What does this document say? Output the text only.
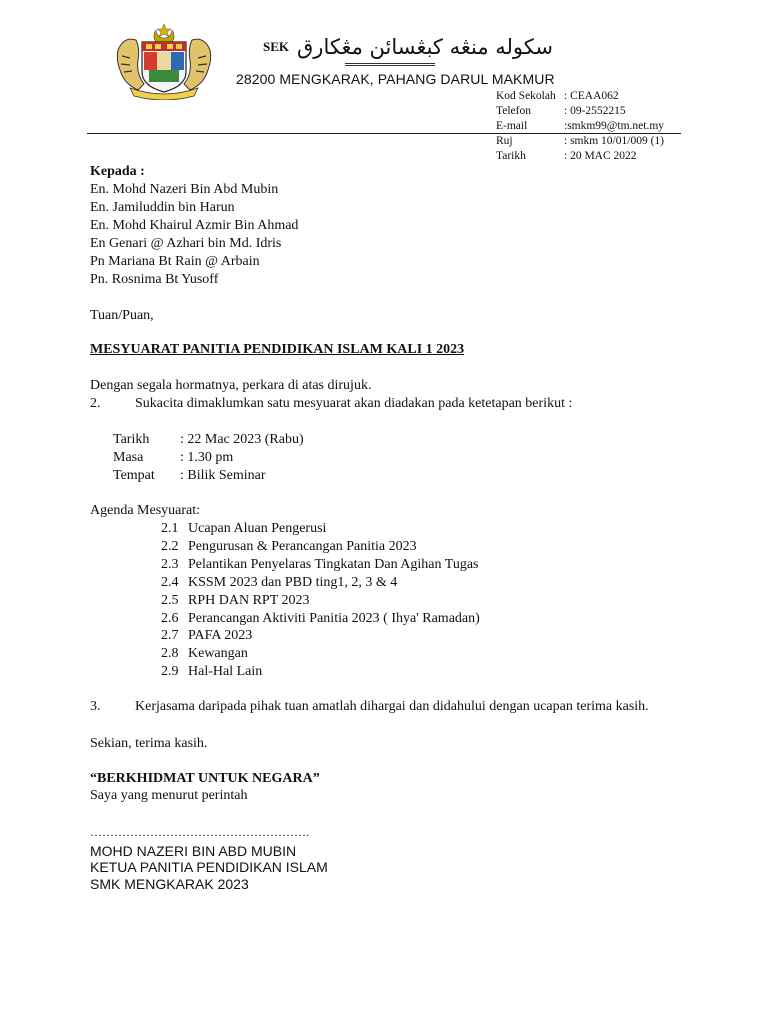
SEK سکوله منڠه کبڠسائن مڠکارق
28200 MENGKARAK, PAHANG DARUL MAKMUR
Kod Sekolah : CEAA062
Telefon	: 09-2552215
E-mail	:smkm99@tm.net.my
Ruj	: smkm 10/01/009 (1)
Tarikh	: 20 MAC 2022
Kepada :
En. Mohd Nazeri Bin Abd Mubin
En. Jamiluddin bin Harun
En. Mohd Khairul Azmir Bin Ahmad
En Genari @ Azhari bin Md. Idris
Pn Mariana Bt Rain @ Arbain
Pn. Rosnima Bt Yusoff
Tuan/Puan,
MESYUARAT PANITIA PENDIDIKAN ISLAM KALI 1 2023
Dengan segala hormatnya, perkara di atas dirujuk.
2. Sukacita dimaklumkan satu mesyuarat akan diadakan pada ketetapan berikut :
Tarikh	: 22 Mac 2023 (Rabu)
Masa	: 1.30 pm
Tempat	: Bilik Seminar
Agenda Mesyuarat:
2.1 Ucapan Aluan Pengerusi
2.2 Pengurusan & Perancangan Panitia 2023
2.3 Pelantikan Penyelaras Tingkatan Dan Agihan Tugas
2.4 KSSM 2023 dan PBD ting1, 2, 3 & 4
2.5 RPH DAN RPT 2023
2.6 Perancangan Aktiviti Panitia 2023 ( Ihya' Ramadan)
2.7 PAFA 2023
2.8 Kewangan
2.9 Hal-Hal Lain
3. Kerjasama daripada pihak tuan amatlah dihargai dan didahului dengan ucapan terima kasih.
Sekian, terima kasih.
“BERKHIDMAT UNTUK NEGARA”
Saya yang menurut perintah
……………………………………………….
MOHD NAZERI BIN ABD MUBIN
KETUA PANITIA PENDIDIKAN ISLAM
SMK MENGKARAK 2023
